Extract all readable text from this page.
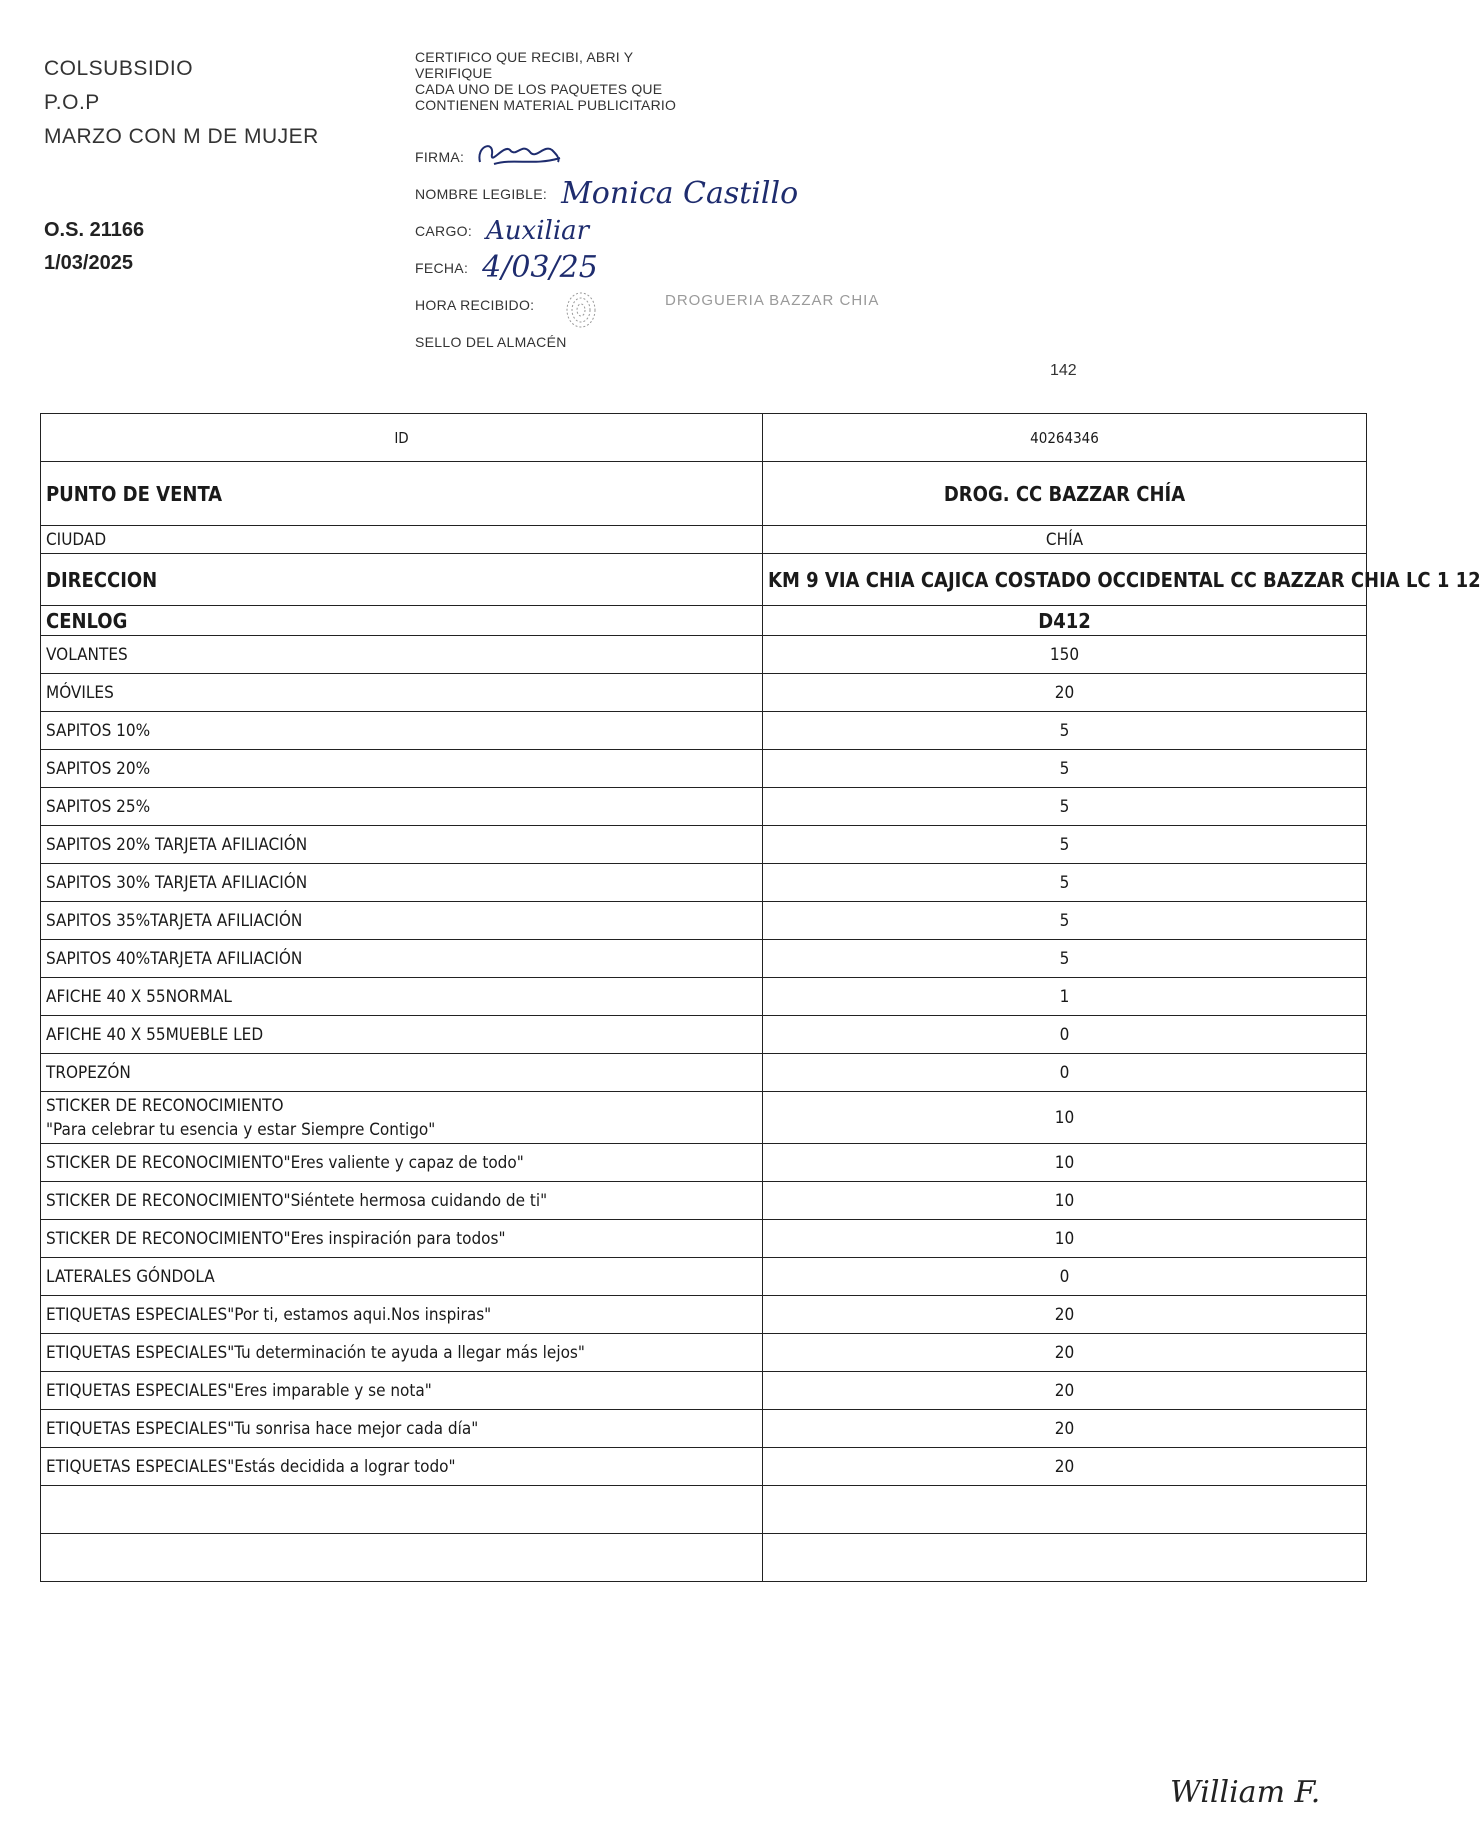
COLSUBSIDIO
P.O.P
MARZO CON M DE MUJER
O.S. 21166
1/03/2025
CERTIFICO QUE RECIBI, ABRI Y
VERIFIQUE
CADA UNO DE LOS PAQUETES QUE
CONTIENEN MATERIAL PUBLICITARIO
FIRMA:
NOMBRE LEGIBLE: Monica Castillo
CARGO: Auxiliar
FECHA: 4/03/25
HORA RECIBIDO:
SELLO DEL ALMACÉN
DROGUERIA BAZZAR CHIA
142
ID	40264346
PUNTO DE VENTA	DROG. CC BAZZAR CHÍA
CIUDAD	CHÍA
DIRECCION	KM 9 VIA CHIA CAJICA COSTADO OCCIDENTAL CC BAZZAR CHIA LC 1 12
CENLOG	D412
VOLANTES	150
MÓVILES	20
SAPITOS 10%	5
SAPITOS 20%	5
SAPITOS 25%	5
SAPITOS 20% TARJETA AFILIACIÓN	5
SAPITOS 30% TARJETA AFILIACIÓN	5
SAPITOS 35%TARJETA AFILIACIÓN	5
SAPITOS 40%TARJETA AFILIACIÓN	5
AFICHE 40 X 55NORMAL	1
AFICHE 40 X 55MUEBLE LED	0
TROPEZÓN	0

STICKER DE RECONOCIMIENTO
"Para celebrar tu esencia y estar Siempre Contigo"	10
STICKER DE RECONOCIMIENTO"Eres valiente y capaz de todo"	10
STICKER DE RECONOCIMIENTO"Siéntete hermosa cuidando de ti"	10
STICKER DE RECONOCIMIENTO"Eres inspiración para todos"	10
LATERALES GÓNDOLA	0
ETIQUETAS ESPECIALES"Por ti, estamos aqui.Nos inspiras"	20
ETIQUETAS ESPECIALES"Tu determinación te ayuda a llegar más lejos"	20
ETIQUETAS ESPECIALES"Eres imparable y se nota"	20
ETIQUETAS ESPECIALES"Tu sonrisa hace mejor cada día"	20
ETIQUETAS ESPECIALES"Estás decidida a lograr todo"	20

William F.
